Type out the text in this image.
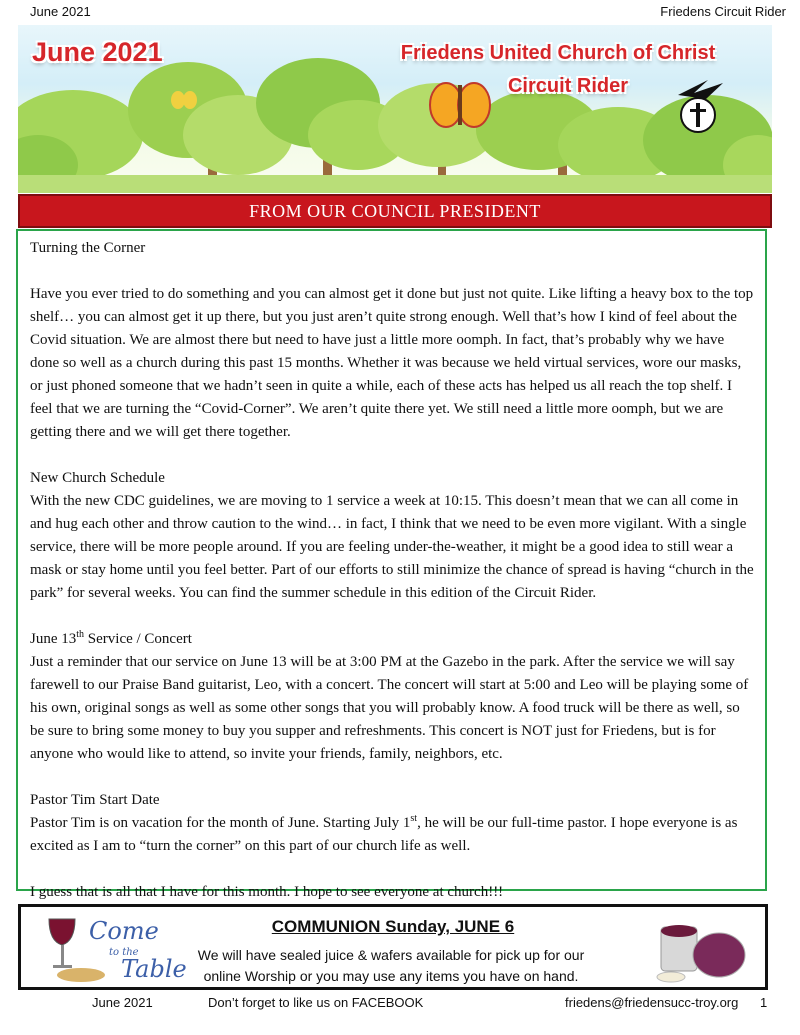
June 2021	Friedens Circuit Rider
June 2021	Friedens United Church of Christ
Circuit Rider
FROM OUR COUNCIL PRESIDENT

Turning the Corner

Have you ever tried to do something and you can almost get it done but just not quite. Like lifting a heavy box to the top shelf… you can almost get it up there, but you just aren’t quite strong enough. Well that’s how I kind of feel about the Covid situation. We are almost there but need to have just a little more oomph. In fact, that’s probably why we have done so well as a church during this past 15 months. Whether it was because we held virtual services, wore our masks, or just phoned someone that we hadn’t seen in quite a while, each of these acts has helped us all reach the top shelf. I feel that we are turning the “Covid-Corner”. We aren’t quite there yet. We still need a little more oomph, but we are getting there and we will get there together.

New Church Schedule

With the new CDC guidelines, we are moving to 1 service a week at 10:15. This doesn’t mean that we can all come in and hug each other and throw caution to the wind… in fact, I think that we need to be even more vigilant. With a single service, there will be more people around. If you are feeling under-the-weather, it might be a good idea to still wear a mask or stay home until you feel better. Part of our efforts to still minimize the chance of spread is having “church in the park” for several weeks. You can find the summer schedule in this edition of the Circuit Rider.

June 13th Service / Concert

Just a reminder that our service on June 13 will be at 3:00 PM at the Gazebo in the park. After the service we will say farewell to our Praise Band guitarist, Leo, with a concert. The concert will start at 5:00 and Leo will be playing some of his own, original songs as well as some other songs that you will probably know. A food truck will be there as well, so be sure to bring some money to buy you supper and refreshments. This concert is NOT just for Friedens, but is for anyone who would like to attend, so invite your friends, family, neighbors, etc.

Pastor Tim Start Date

Pastor Tim is on vacation for the month of June. Starting July 1st, he will be our full-time pastor. I hope everyone is as excited as I am to “turn the corner” on this part of our church life as well.

I guess that is all that I have for this month. I hope to see everyone at church!!!

Come
to the
Table
COMMUNION Sunday, JUNE 6
We will have sealed juice & wafers available for pick up for our
online Worship or you may use any items you have on hand.
June 2021	Don’t forget to like us on FACEBOOK	friedens@friedensucc-troy.org 1
